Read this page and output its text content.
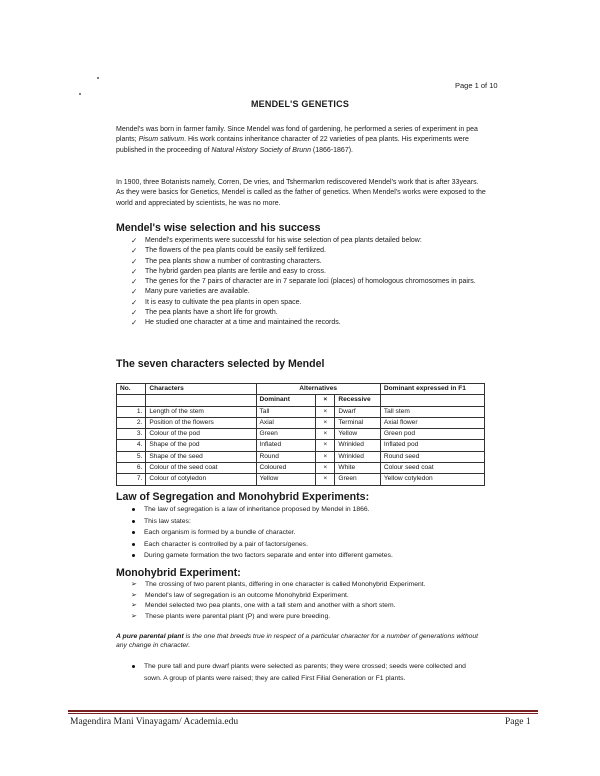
Page 1 of 10
MENDEL'S GENETICS

Mendel's was born in farmer family. Since Mendel was fond of gardening, he performed a series of experiment in pea plants; Pisum sativum. His work contains inheritance character of 22 varieties of pea plants. His experiments were published in the proceeding of Natural History Society of Brunn (1866-1867).

In 1900, three Botanists namely, Corren, De vries, and Tshermarkm rediscovered Mendel's work that is after 33years. As they were basics for Genetics, Mendel is called as the father of genetics. When Mendel's works were exposed to the world and appreciated by scientists, he was no more.

Mendel's wise selection and his success
✓ Mendel's experiments were successful for his wise selection of pea plants detailed below:
✓ The flowers of the pea plants could be easily self fertilized.
✓ The pea plants show a number of contrasting characters.
✓ The hybrid garden pea plants are fertile and easy to cross.
✓ The genes for the 7 pairs of character are in 7 separate loci (places) of homologous chromosomes in pairs.
✓ Many pure varieties are available.
✓ It is easy to cultivate the pea plants in open space.
✓ The pea plants have a short life for growth.
✓ He studied one character at a time and maintained the records.
The seven characters selected by Mendel
No.	Characters	Alternatives			Dominant expressed in F1
		Dominant	×	Recessive	
1.	Length of the stem	Tall	×	Dwarf	Tall stem
2.	Position of the flowers	Axial	×	Terminal	Axial flower
3.	Colour of the pod	Green	×	Yellow	Green pod
4.	Shape of the pod	Inflated	×	Wrinkled	Inflated pod
5.	Shape of the seed	Round	×	Wrinkled	Round seed
6.	Colour of the seed coat	Coloured	×	White	Colour seed coat
7.	Colour of cotyledon	Yellow	×	Green	Yellow cotyledon
Law of Segregation and Monohybrid Experiments:
The law of segregation is a law of inheritance proposed by Mendel in 1866.
This law states:
Each organism is formed by a bundle of character.
Each character is controlled by a pair of factors/genes.
During gamete formation the two factors separate and enter into different gametes.
Monohybrid Experiment:
➢ The crossing of two parent plants, differing in one character is called Monohybrid Experiment.
➢ Mendel's law of segregation is an outcome Monohybrid Experiment.
➢ Mendel selected two pea plants, one with a tall stem and another with a short stem.
➢ These plants were parental plant (P) and were pure breeding.

A pure parental plant is the one that breeds true in respect of a particular character for a number of generations without any change in character.

The pure tall and pure dwarf plants were selected as parents; they were crossed; seeds were collected and sown. A group of plants were raised; they are called First Filial Generation or F1 plants.
Magendira Mani Vinayagam/ Academia.edu	Page 1
